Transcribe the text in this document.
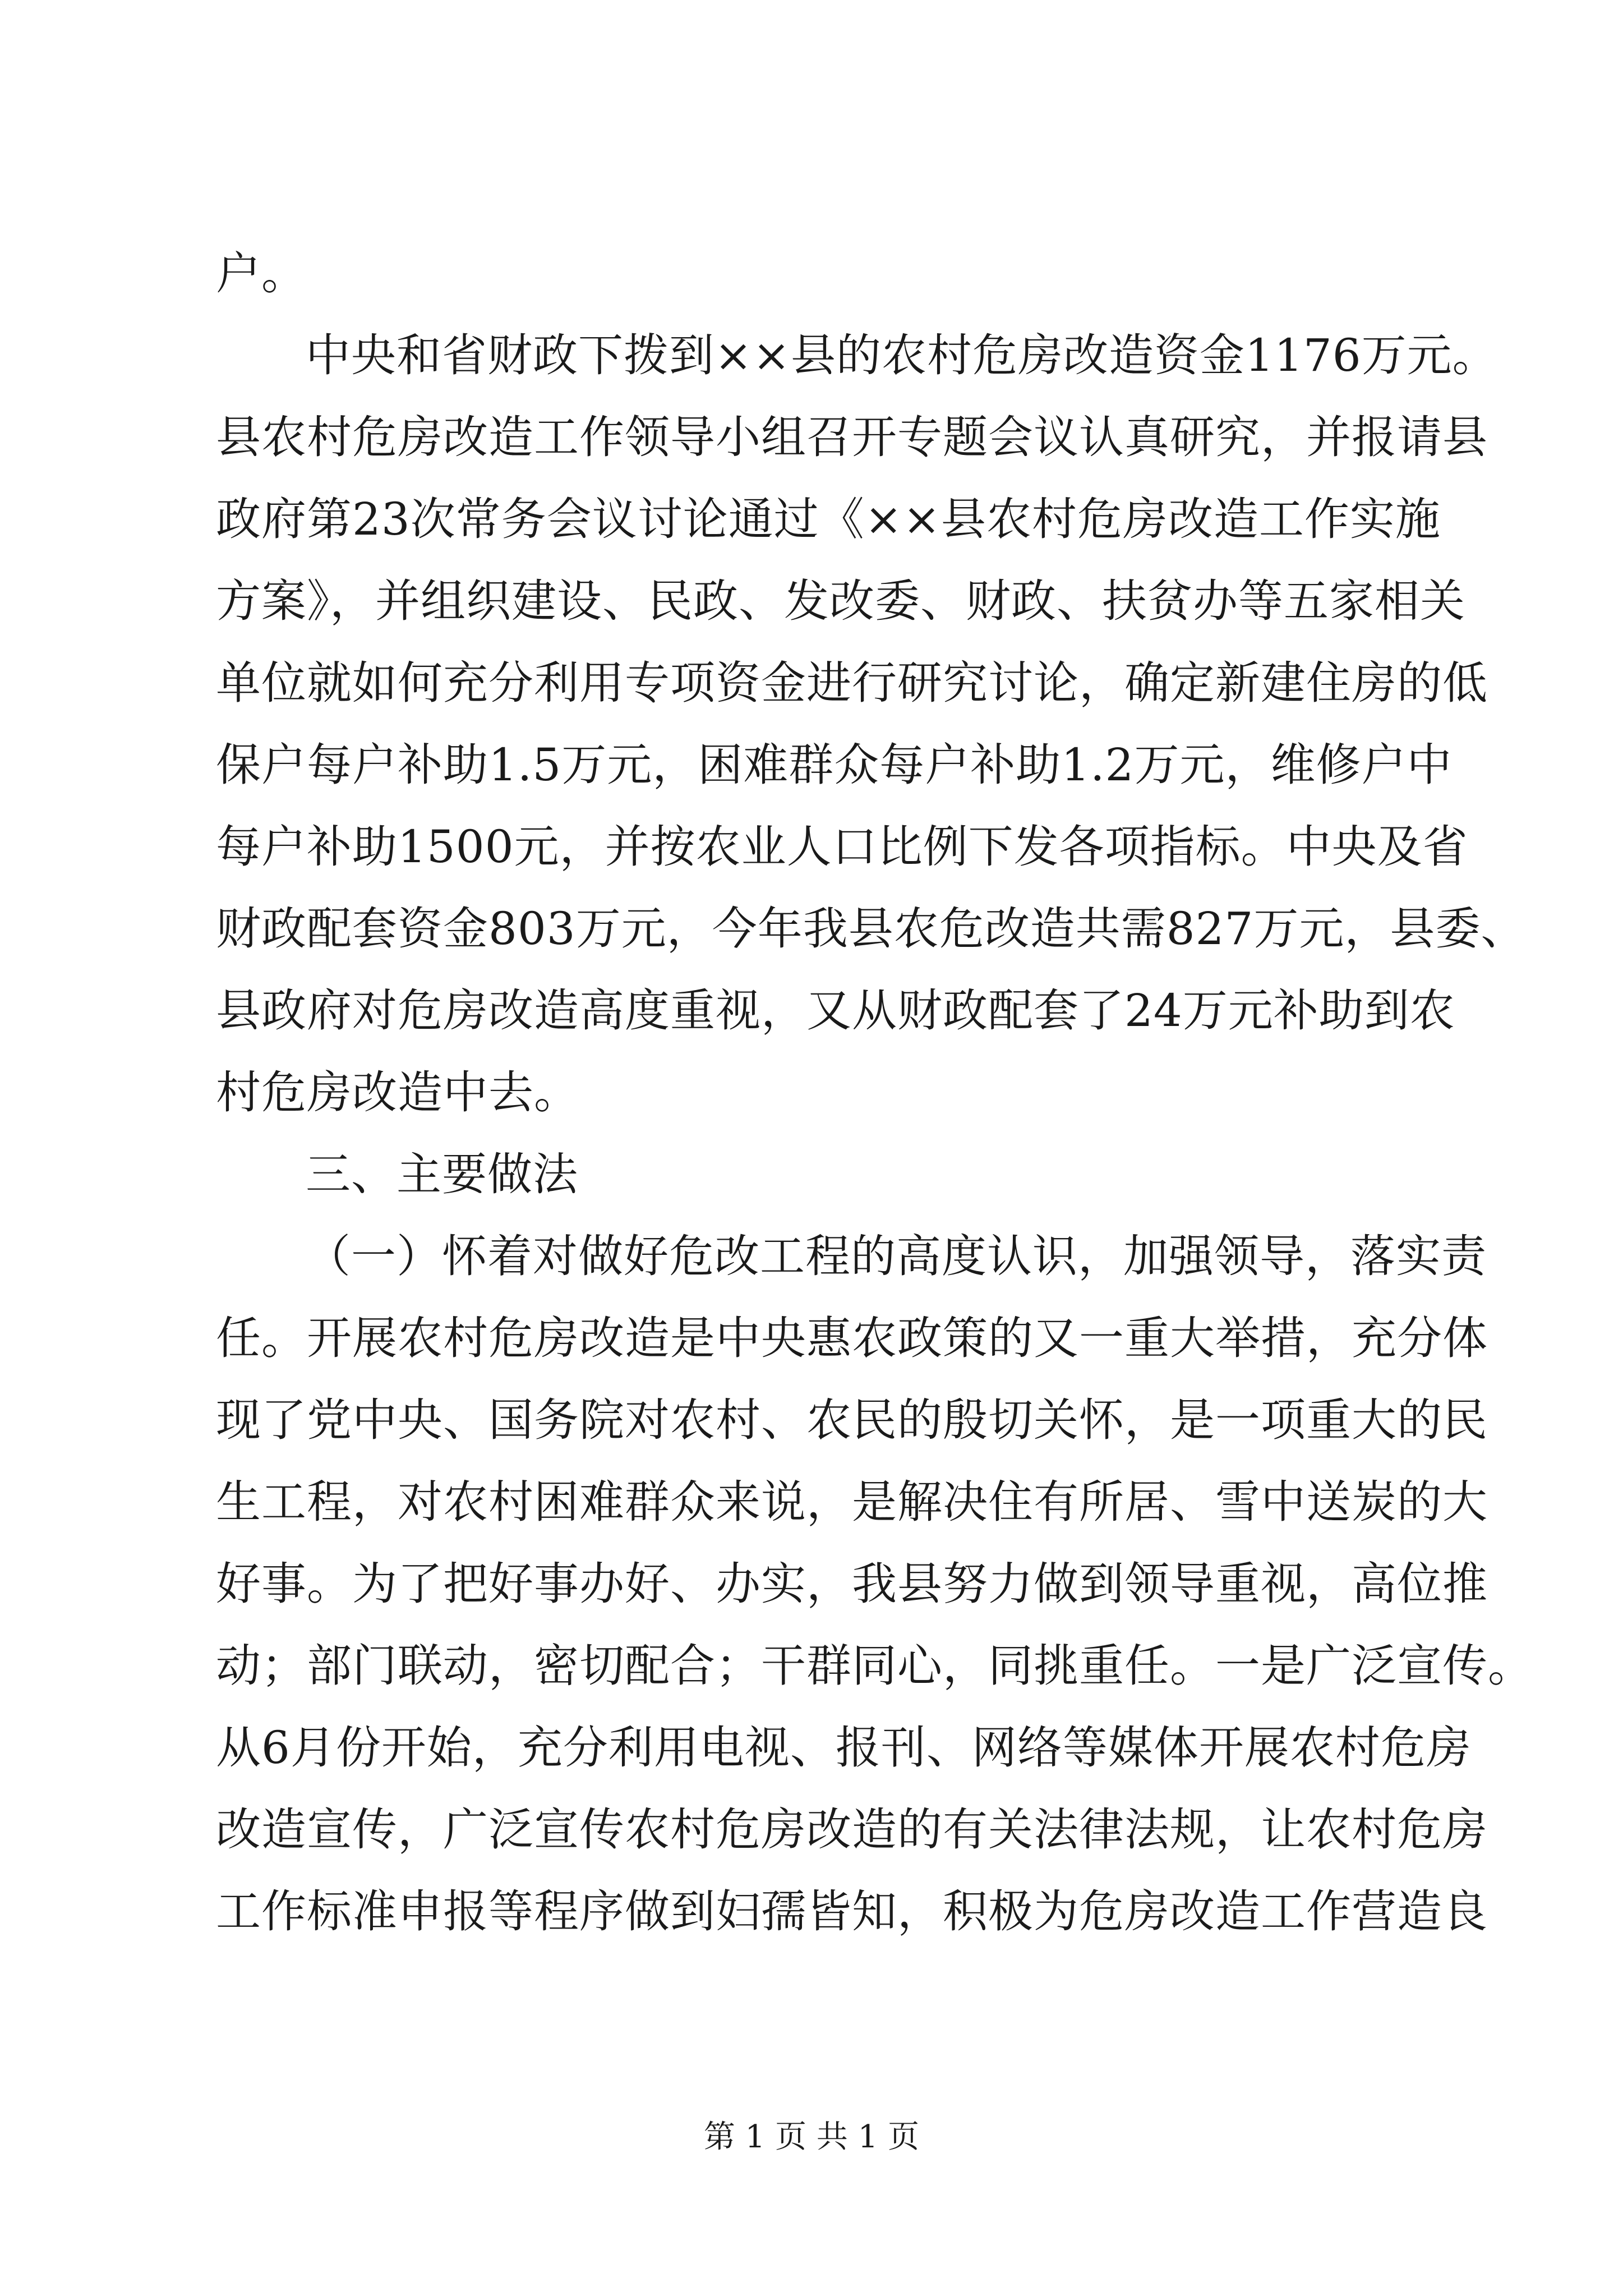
户。
中央和省财政下拨到××县的农村危房改造资金1176万元。
县农村危房改造工作领导小组召开专题会议认真研究，并报请县
政府第23次常务会议讨论通过《××县农村危房改造工作实施
方案》，并组织建设、民政、发改委、财政、扶贫办等五家相关
单位就如何充分利用专项资金进行研究讨论，确定新建住房的低
保户每户补助1.5万元，困难群众每户补助1.2万元，维修户中
每户补助1500元，并按农业人口比例下发各项指标。中央及省
财政配套资金803万元，今年我县农危改造共需827万元，县委、
县政府对危房改造高度重视，又从财政配套了24万元补助到农
村危房改造中去。
三、主要做法
（一）怀着对做好危改工程的高度认识，加强领导，落实责
任。开展农村危房改造是中央惠农政策的又一重大举措，充分体
现了党中央、国务院对农村、农民的殷切关怀，是一项重大的民
生工程，对农村困难群众来说，是解决住有所居、雪中送炭的大
好事。为了把好事办好、办实，我县努力做到领导重视，高位推
动；部门联动，密切配合；干群同心，同挑重任。一是广泛宣传。
从6月份开始，充分利用电视、报刊、网络等媒体开展农村危房
改造宣传，广泛宣传农村危房改造的有关法律法规，让农村危房
工作标准申报等程序做到妇孺皆知，积极为危房改造工作营造良
第 1 页 共 1 页
